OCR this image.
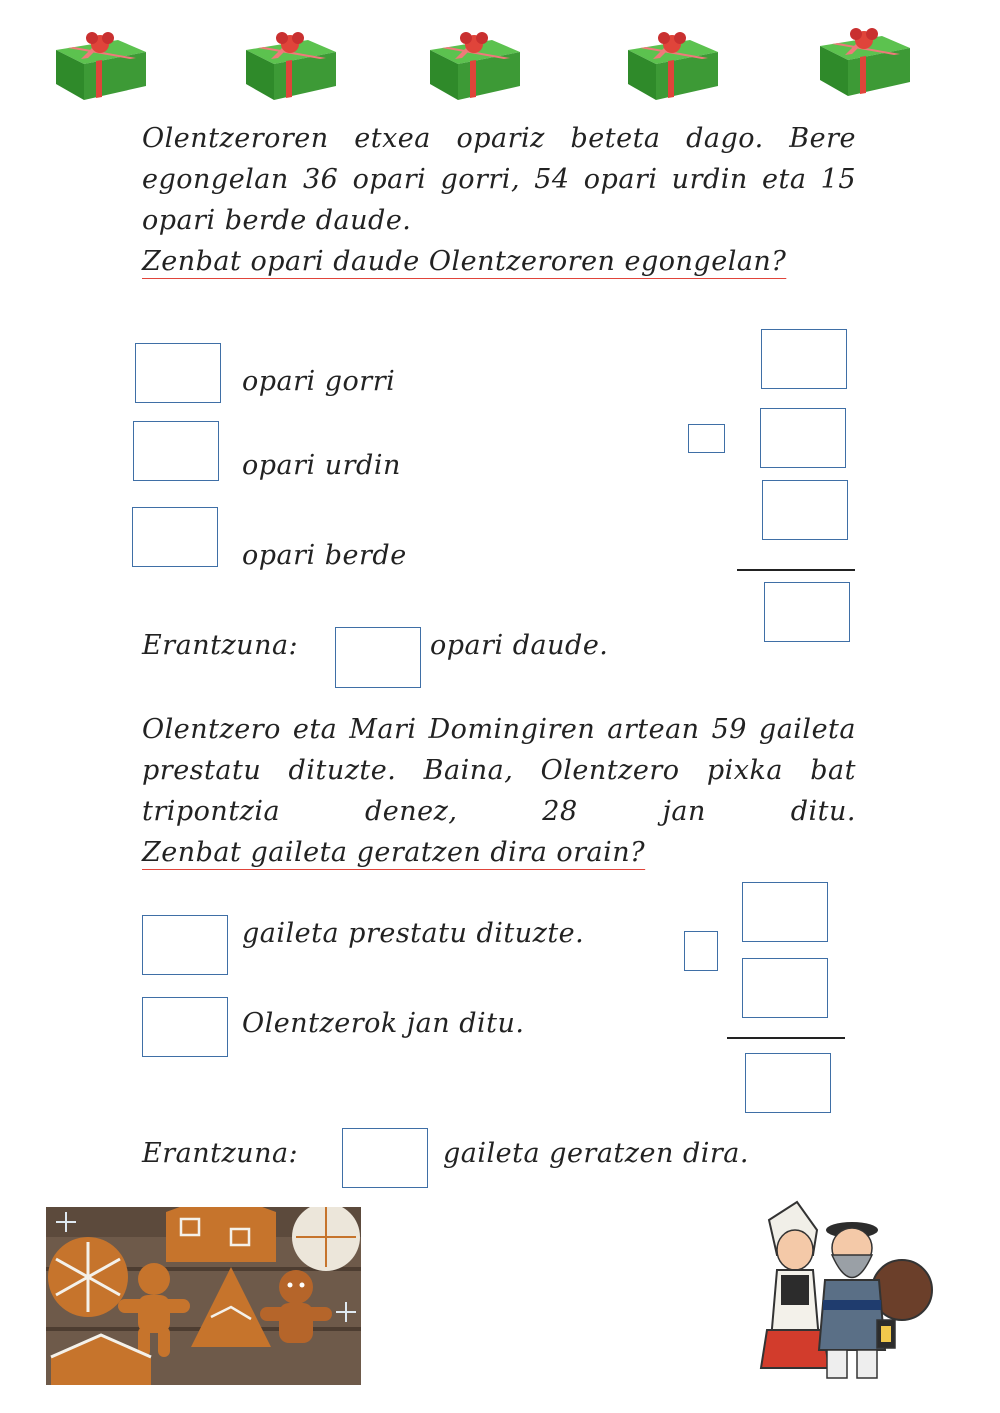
Olentzeroren etxea opariz beteta dago. Bere egongelan 36 opari gorri, 54 opari urdin eta 15 opari berde daude.
Zenbat opari daude Olentzeroren egongelan?
opari gorri
opari urdin
opari berde
Erantzuna:	opari daude.
Olentzero eta Mari Domingiren artean 59 gaileta prestatu dituzte. Baina, Olentzero pixka bat tripontzia denez, 28 jan ditu. Zenbat gaileta geratzen dira orain?
gaileta prestatu dituzte.
Olentzerok jan ditu.
Erantzuna:	gaileta geratzen dira.
